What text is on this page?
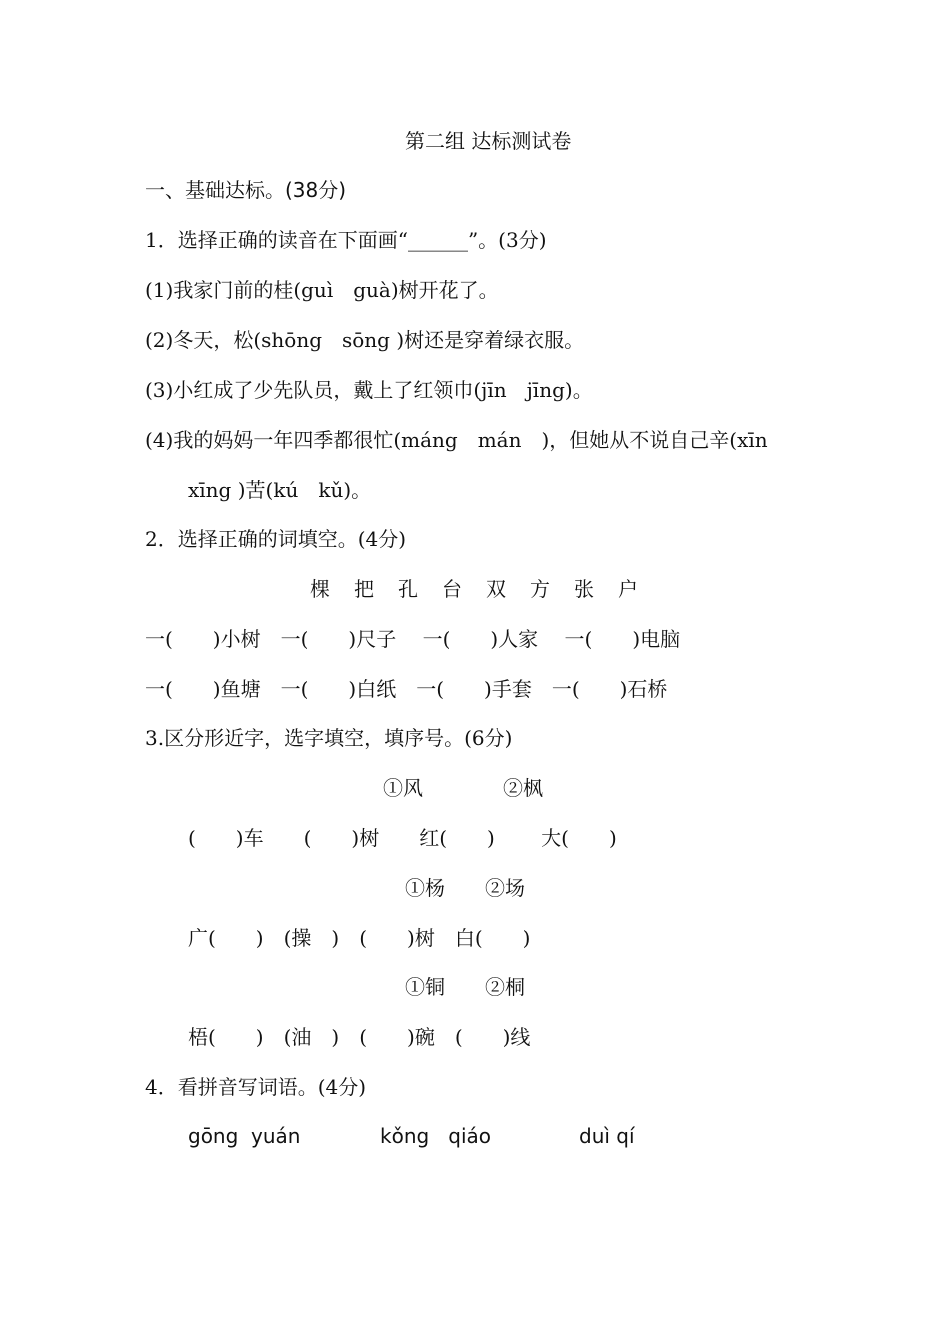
第二组 达标测试卷
一、基础达标。(38分)
1．选择正确的读音在下面画“______”。(3分)
(1)我家门前的桂(guì　guà)树开花了。
(2)冬天，松(shōng　sōng )树还是穿着绿衣服。
(3)小红成了少先队员，戴上了红领巾(jīn　jīng)。
(4)我的妈妈一年四季都很忙(máng　mán　)，但她从不说自己辛(xīn
xīng )苦(kú　kǔ)。
2．选择正确的词填空。(4分)
棵　把　孔　台　双　方　张　户
一(　　)小树　一(　　)尺子　 一(　　)人家　 一(　　)电脑
一(　　)鱼塘　一(　　)白纸　一(　　)手套　一(　　)石桥
3.区分形近字，选字填空，填序号。(6分)
①风　　　　②枫
(　　)车　　(　　)树　　红(　　)　　 大(　　)
①杨　　②场
广(　　)　(操　)　(　　)树　白(　　)
①铜　　②桐
梧(　　)　(油　)　(　　)碗　(　　)线
4．看拼音写词语。(4分)
gōng  yuán	kǒng   qiáo	duì qí
